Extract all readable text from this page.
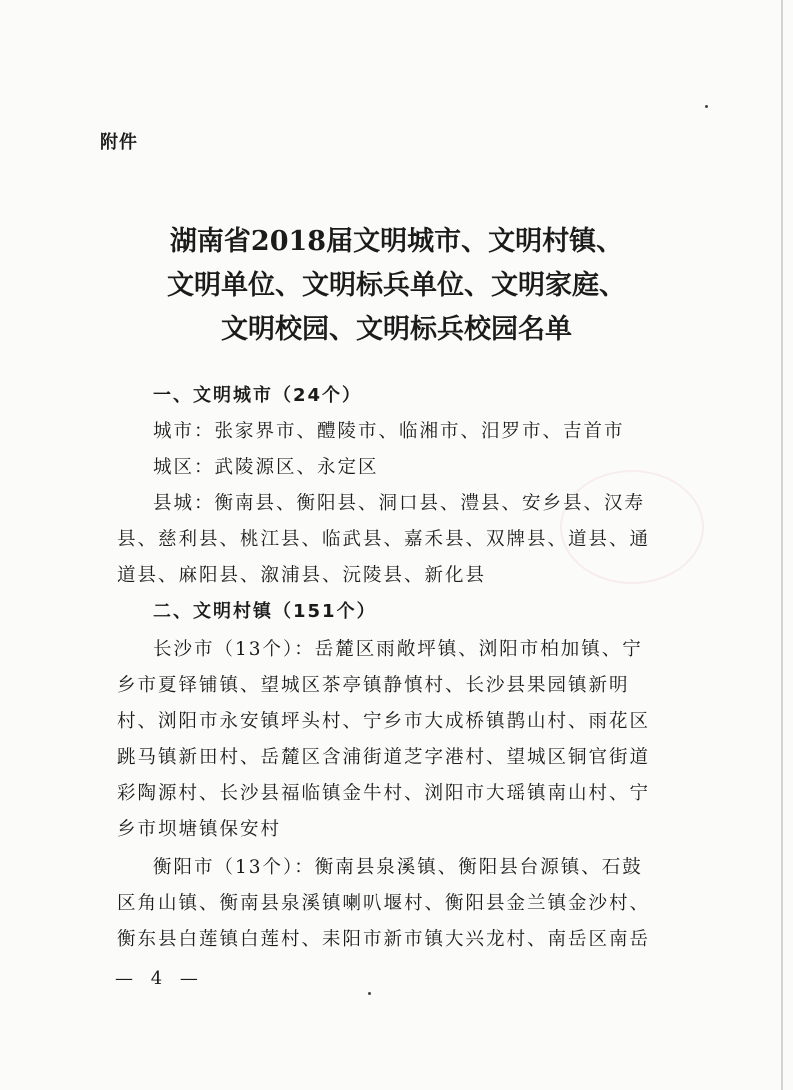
附件
湖南省2018届文明城市、文明村镇、
文明单位、文明标兵单位、文明家庭、
文明校园、文明标兵校园名单
一、文明城市（24个）
城市：张家界市、醴陵市、临湘市、汨罗市、吉首市
城区：武陵源区、永定区
县城：衡南县、衡阳县、洞口县、澧县、安乡县、汉寿
县、慈利县、桃江县、临武县、嘉禾县、双牌县、道县、通
道县、麻阳县、溆浦县、沅陵县、新化县
二、文明村镇（151个）
长沙市（13个）：岳麓区雨敞坪镇、浏阳市柏加镇、宁
乡市夏铎铺镇、望城区茶亭镇静慎村、长沙县果园镇新明
村、浏阳市永安镇坪头村、宁乡市大成桥镇鹊山村、雨花区
跳马镇新田村、岳麓区含浦街道芝字港村、望城区铜官街道
彩陶源村、长沙县福临镇金牛村、浏阳市大瑶镇南山村、宁
乡市坝塘镇保安村
衡阳市（13个）：衡南县泉溪镇、衡阳县台源镇、石鼓
区角山镇、衡南县泉溪镇喇叭堰村、衡阳县金兰镇金沙村、
衡东县白莲镇白莲村、耒阳市新市镇大兴龙村、南岳区南岳
— 4 —
